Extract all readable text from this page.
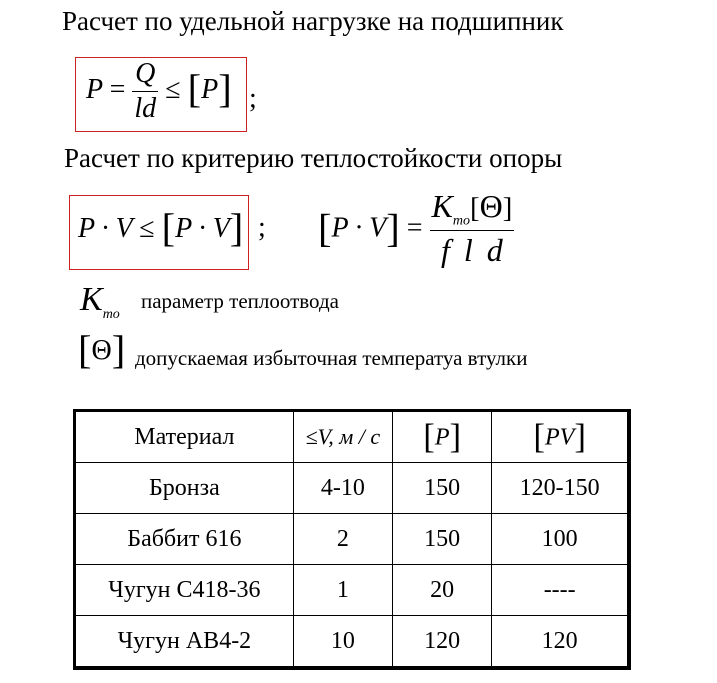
Расчет по удельной нагрузке на подшипник
$P = \frac{Q}{ld} \le [P]$ ;
Расчет по критерию теплостойкости опоры
P · V ≤ [P · V] ; $[P \cdot V] = \frac{K_{то}[\Theta]}{\text{f l d}}$
$K_{то}$
параметр теплоотвода
[Θ] допускаемая избыточная температуа втулки
Материал	≤V, м / с	[P]	[PV]
Бронза	4-10	150	120-150
Баббит 616	2	150	100
Чугун С418-36	1	20	----
Чугун АВ4-2	10	120	120
